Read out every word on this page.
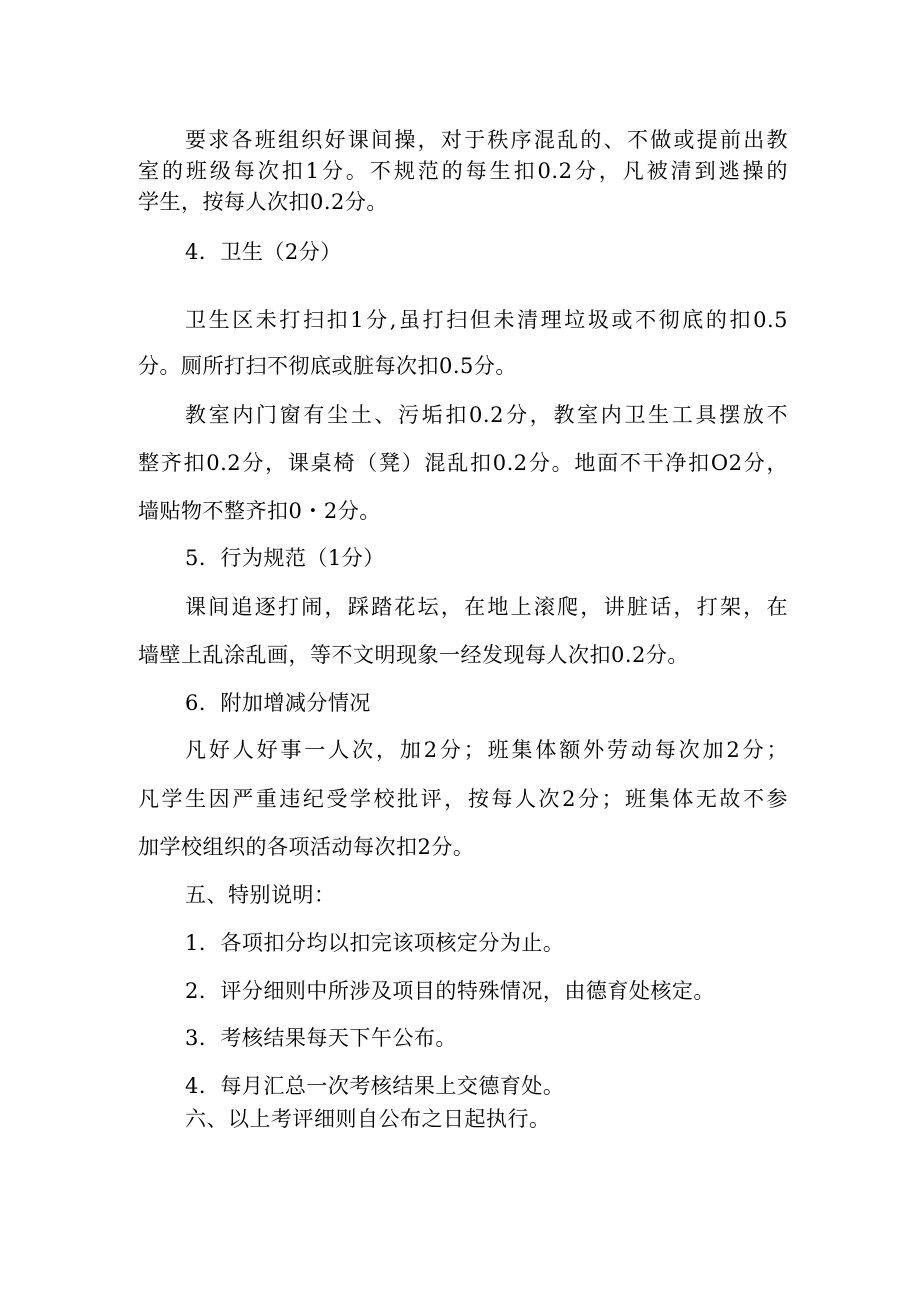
要求各班组织好课间操，对于秩序混乱的、不做或提前出教
室的班级每次扣1分。不规范的每生扣0.2分，凡被清到逃操的
学生，按每人次扣0.2分。
4．卫生（2分）
卫生区未打扫扣1分,虽打扫但未清理垃圾或不彻底的扣0.5
分。厕所打扫不彻底或脏每次扣0.5分。
教室内门窗有尘土、污垢扣0.2分，教室内卫生工具摆放不
整齐扣0.2分，课桌椅（凳）混乱扣0.2分。地面不干净扣O2分，
墙贴物不整齐扣0・2分。
5．行为规范（1分）
课间追逐打闹，踩踏花坛，在地上滚爬，讲脏话，打架，在
墙壁上乱涂乱画，等不文明现象一经发现每人次扣0.2分。
6．附加增减分情况
凡好人好事一人次，加2分；班集体额外劳动每次加2分；
凡学生因严重违纪受学校批评，按每人次2分；班集体无故不参
加学校组织的各项活动每次扣2分。
五、特别说明：
1．各项扣分均以扣完该项核定分为止。
2．评分细则中所涉及项目的特殊情况，由德育处核定。
3．考核结果每天下午公布。
4．每月汇总一次考核结果上交德育处。
六、以上考评细则自公布之日起执行。
